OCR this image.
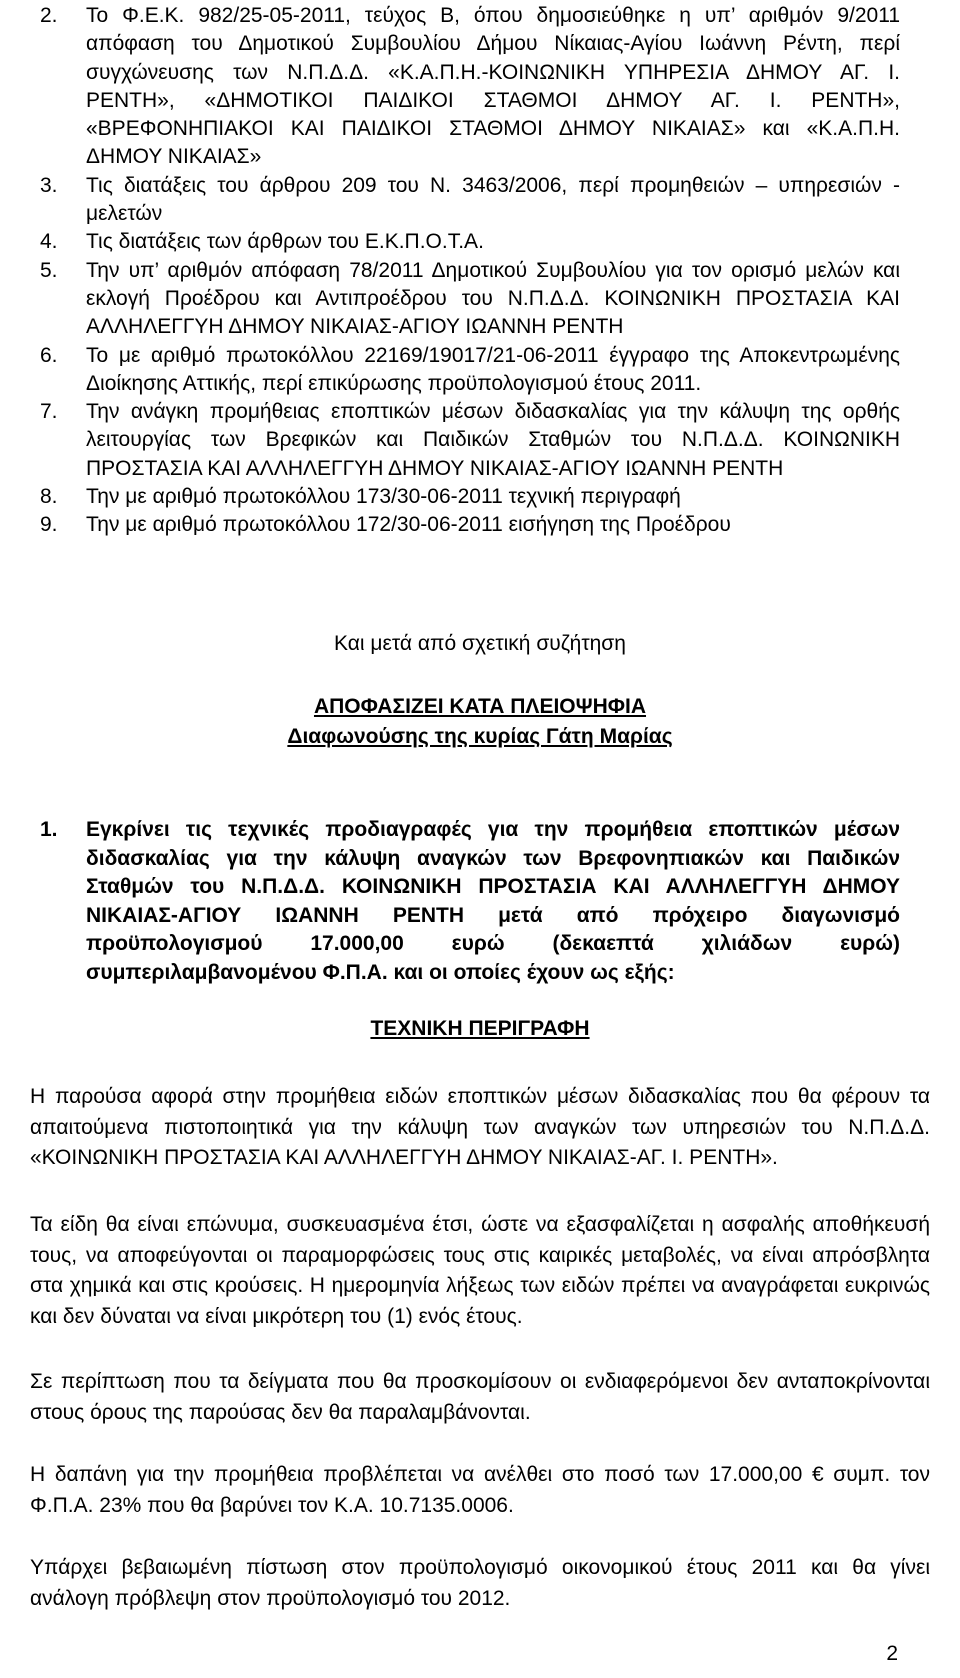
2.	Το Φ.Ε.Κ. 982/25-05-2011, τεύχος Β, όπου δημοσιεύθηκε η υπ’ αριθμόν 9/2011 απόφαση του Δημοτικού Συμβουλίου Δήμου Νίκαιας-Αγίου Ιωάννη Ρέντη, περί συγχώνευσης των Ν.Π.Δ.Δ. «Κ.Α.Π.Η.-ΚΟΙΝΩΝΙΚΗ ΥΠΗΡΕΣΙΑ ΔΗΜΟΥ ΑΓ. Ι. ΡΕΝΤΗ», «ΔΗΜΟΤΙΚΟΙ ΠΑΙΔΙΚΟΙ ΣΤΑΘΜΟΙ ΔΗΜΟΥ ΑΓ. Ι. ΡΕΝΤΗ», «ΒΡΕΦΟΝΗΠΙΑΚΟΙ ΚΑΙ ΠΑΙΔΙΚΟΙ ΣΤΑΘΜΟΙ ΔΗΜΟΥ ΝΙΚΑΙΑΣ» και «Κ.Α.Π.Η. ΔΗΜΟΥ ΝΙΚΑΙΑΣ»
3.	Τις διατάξεις του άρθρου 209 του Ν. 3463/2006, περί προμηθειών – υπηρεσιών - μελετών
4.	Τις διατάξεις των άρθρων του Ε.Κ.Π.Ο.Τ.Α.
5.	Την υπ’ αριθμόν απόφαση 78/2011 Δημοτικού Συμβουλίου για τον ορισμό μελών και εκλογή Προέδρου και Αντιπροέδρου του Ν.Π.Δ.Δ. ΚΟΙΝΩΝΙΚΗ ΠΡΟΣΤΑΣΙΑ ΚΑΙ ΑΛΛΗΛΕΓΓΥΗ ΔΗΜΟΥ ΝΙΚΑΙΑΣ-ΑΓΙΟΥ ΙΩΑΝΝΗ ΡΕΝΤΗ
6.	Το με αριθμό πρωτοκόλλου 22169/19017/21-06-2011 έγγραφο της Αποκεντρωμένης Διοίκησης Αττικής, περί επικύρωσης προϋπολογισμού έτους 2011.
7.	Την ανάγκη προμήθειας εποπτικών μέσων διδασκαλίας για την κάλυψη της ορθής λειτουργίας των Βρεφικών και Παιδικών Σταθμών του Ν.Π.Δ.Δ. ΚΟΙΝΩΝΙΚΗ ΠΡΟΣΤΑΣΙΑ ΚΑΙ ΑΛΛΗΛΕΓΓΥΗ ΔΗΜΟΥ ΝΙΚΑΙΑΣ-ΑΓΙΟΥ ΙΩΑΝΝΗ ΡΕΝΤΗ
8.	Την με αριθμό πρωτοκόλλου 173/30-06-2011 τεχνική περιγραφή
9.	Την με αριθμό πρωτοκόλλου 172/30-06-2011 εισήγηση της Προέδρου
Και μετά από σχετική συζήτηση
ΑΠΟΦΑΣΙΖΕΙ ΚΑΤΑ ΠΛΕΙΟΨΗΦΙΑ
Διαφωνούσης της κυρίας Γάτη Μαρίας
1.	Εγκρίνει τις τεχνικές προδιαγραφές για την προμήθεια εποπτικών μέσων διδασκαλίας για την κάλυψη αναγκών των Βρεφονηπιακών και Παιδικών Σταθμών του Ν.Π.Δ.Δ. ΚΟΙΝΩΝΙΚΗ ΠΡΟΣΤΑΣΙΑ ΚΑΙ ΑΛΛΗΛΕΓΓΥΗ ΔΗΜΟΥ ΝΙΚΑΙΑΣ-ΑΓΙΟΥ ΙΩΑΝΝΗ ΡΕΝΤΗ μετά από πρόχειρο διαγωνισμό προϋπολογισμού 17.000,00 ευρώ (δεκαεπτά χιλιάδων ευρώ) συμπεριλαμβανομένου Φ.Π.Α. και οι οποίες έχουν ως εξής:
ΤΕΧΝΙΚΗ ΠΕΡΙΓΡΑΦΗ
Η παρούσα αφορά στην προμήθεια ειδών εποπτικών μέσων διδασκαλίας που θα φέρουν τα απαιτούμενα πιστοποιητικά για την κάλυψη των αναγκών των υπηρεσιών του Ν.Π.Δ.Δ. «ΚΟΙΝΩΝΙΚΗ ΠΡΟΣΤΑΣΙΑ ΚΑΙ ΑΛΛΗΛΕΓΓΥΗ ΔΗΜΟΥ ΝΙΚΑΙΑΣ-ΑΓ. Ι. ΡΕΝΤΗ».
Τα είδη θα είναι επώνυμα, συσκευασμένα έτσι, ώστε να εξασφαλίζεται η ασφαλής αποθήκευσή τους, να αποφεύγονται οι παραμορφώσεις τους στις καιρικές μεταβολές, να είναι απρόσβλητα στα χημικά και στις κρούσεις. Η ημερομηνία λήξεως των ειδών πρέπει να αναγράφεται ευκρινώς και δεν δύναται να είναι μικρότερη του (1) ενός έτους.
Σε περίπτωση που τα δείγματα που θα προσκομίσουν οι ενδιαφερόμενοι δεν ανταποκρίνονται στους όρους της παρούσας δεν θα παραλαμβάνονται.
Η δαπάνη για την προμήθεια προβλέπεται να ανέλθει στο ποσό των 17.000,00 € συμπ. τον Φ.Π.Α. 23% που θα βαρύνει τον Κ.Α. 10.7135.0006.
Υπάρχει βεβαιωμένη πίστωση στον προϋπολογισμό οικονομικού έτους 2011 και θα γίνει ανάλογη πρόβλεψη στον προϋπολογισμό του 2012.
2
